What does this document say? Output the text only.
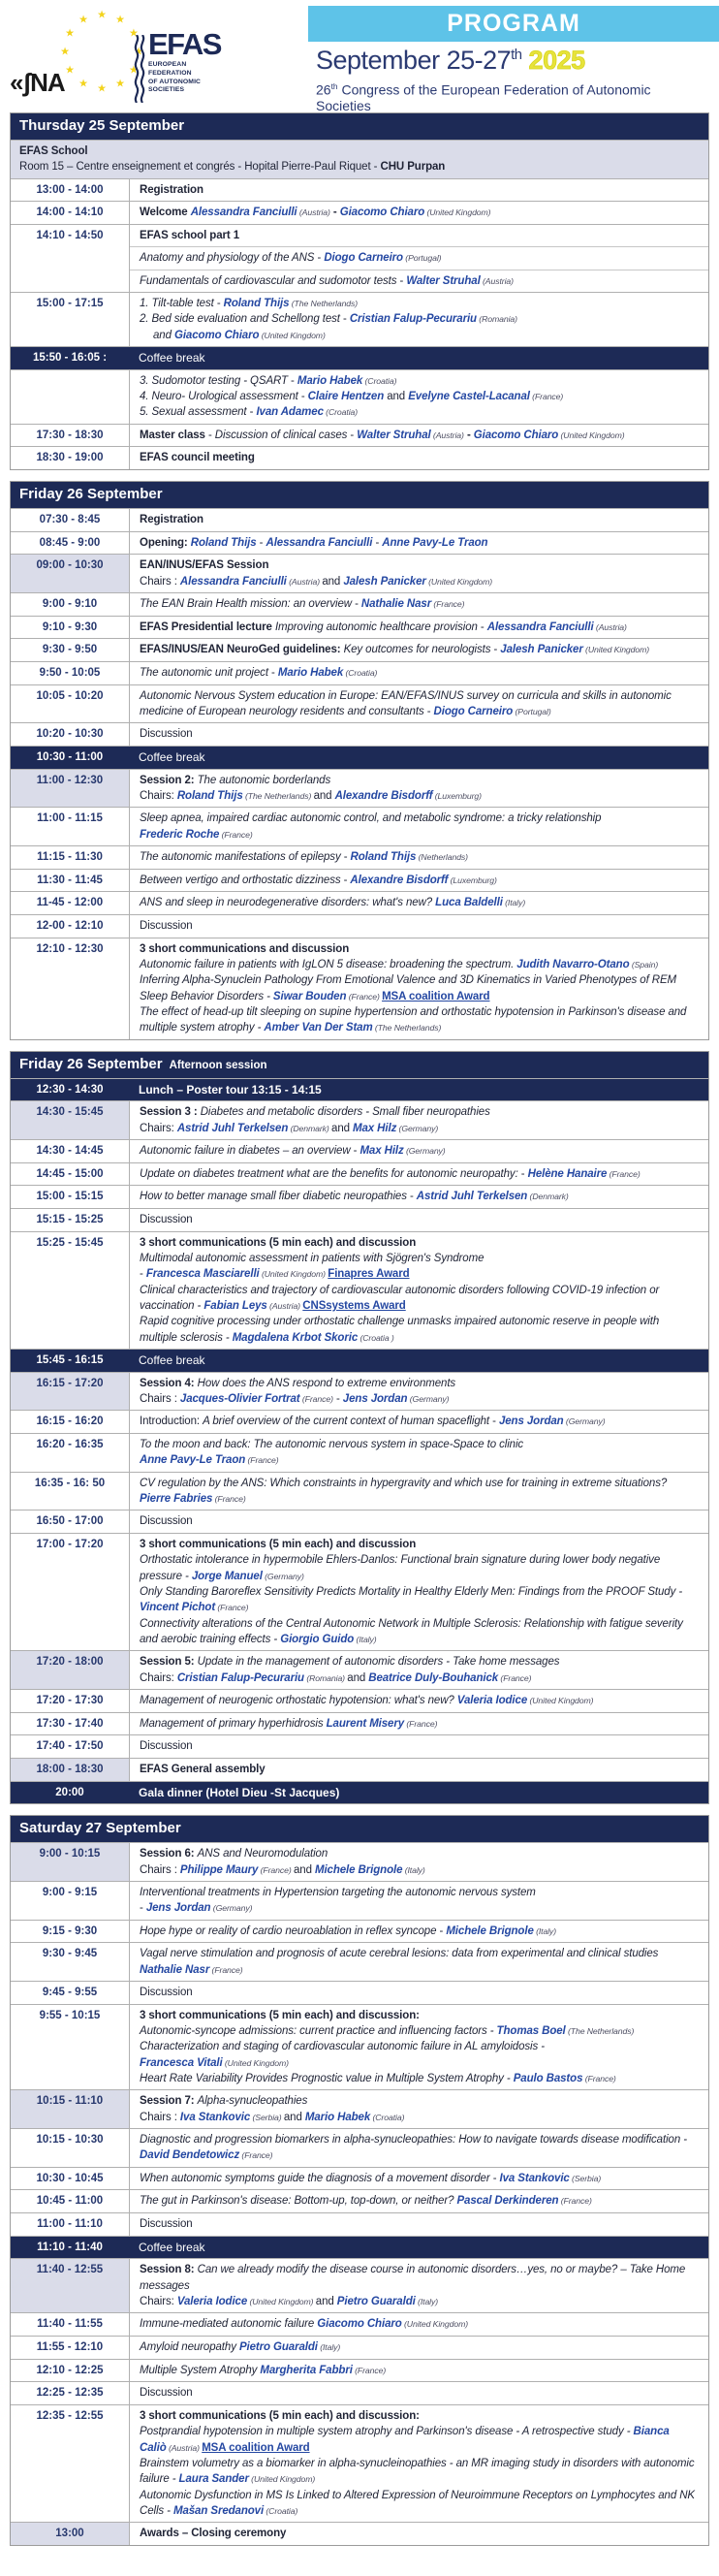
★ ★
★
★
★
★
★
★
★
★
★
★
«ʃNA
EFAS
EUROPEAN
FEDERATION
OF AUTONOMIC
SOCIETIES
PROGRAM
September 25-27th 2025
26th Congress of the European Federation of Autonomic Societies
Thursday 25 September
EFAS School
Room 15 – Centre enseignement et congrés - Hopital Pierre-Paul Riquet - CHU Purpan
13:00 - 14:00	Registration
14:00 - 14:10	Welcome Alessandra Fanciulli (Austria) - Giacomo Chiaro (United Kingdom)
14:10 - 14:50	EFAS school part 1
Anatomy and physiology of the ANS - Diogo Carneiro (Portugal)
Fundamentals of cardiovascular and sudomotor tests - Walter Struhal (Austria)
15:00 - 17:15	1. Tilt-table test - Roland Thijs (The Netherlands)
2. Bed side evaluation and Schellong test - Cristian Falup-Pecurariu (Romania)
and Giacomo Chiaro (United Kingdom)
15:50 - 16:05 :	Coffee break
3. Sudomotor testing - QSART - Mario Habek (Croatia)
4. Neuro- Urological assessment - Claire Hentzen and Evelyne Castel-Lacanal (France)
5. Sexual assessment - Ivan Adamec (Croatia)
17:30 - 18:30	Master class - Discussion of clinical cases - Walter Struhal (Austria) - Giacomo Chiaro (United Kingdom)
18:30 - 19:00	EFAS council meeting
Friday 26 September
07:30 - 8:45	Registration
08:45 - 9:00	Opening: Roland Thijs - Alessandra Fanciulli - Anne Pavy-Le Traon
09:00 - 10:30	EAN/INUS/EFAS Session
Chairs : Alessandra Fanciulli (Austria) and Jalesh Panicker (United Kingdom)
9:00 - 9:10	The EAN Brain Health mission: an overview - Nathalie Nasr (France)
9:10 - 9:30	EFAS Presidential lecture Improving autonomic healthcare provision - Alessandra Fanciulli (Austria)
9:30 - 9:50	EFAS/INUS/EAN NeuroGed guidelines: Key outcomes for neurologists - Jalesh Panicker (United Kingdom)
9:50 - 10:05	The autonomic unit project - Mario Habek (Croatia)
10:05 - 10:20	Autonomic Nervous System education in Europe: EAN/EFAS/INUS survey on curricula and skills in autonomic medicine of European neurology residents and consultants - Diogo Carneiro (Portugal)
10:20 - 10:30	Discussion
10:30 - 11:00	Coffee break
11:00 - 12:30	Session 2: The autonomic borderlands
Chairs: Roland Thijs (The Netherlands) and Alexandre Bisdorff (Luxemburg)
11:00 - 11:15	Sleep apnea, impaired cardiac autonomic control, and metabolic syndrome: a tricky relationship
Frederic Roche (France)
11:15 - 11:30	The autonomic manifestations of epilepsy - Roland Thijs (Netherlands)
11:30 - 11:45	Between vertigo and orthostatic dizziness - Alexandre Bisdorff (Luxemburg)
11-45 - 12:00	ANS and sleep in neurodegenerative disorders: what's new? Luca Baldelli (Italy)
12-00 - 12:10	Discussion
12:10 - 12:30	3 short communications and discussion
Autonomic failure in patients with IgLON 5 disease: broadening the spectrum. Judith Navarro-Otano (Spain)
Inferring Alpha-Synuclein Pathology From Emotional Valence and 3D Kinematics in Varied Phenotypes of REM Sleep Behavior Disorders - Siwar Bouden (France) MSA coalition Award
The effect of head-up tilt sleeping on supine hypertension and orthostatic hypotension in Parkinson's disease and multiple system atrophy - Amber Van Der Stam (The Netherlands)
Friday 26 September Afternoon session
12:30 - 14:30	Lunch – Poster tour 13:15 - 14:15
14:30 - 15:45	Session 3 : Diabetes and metabolic disorders - Small fiber neuropathies
Chairs: Astrid Juhl Terkelsen (Denmark) and Max Hilz (Germany)
14:30 - 14:45	Autonomic failure in diabetes – an overview - Max Hilz (Germany)
14:45 - 15:00	Update on diabetes treatment what are the benefits for autonomic neuropathy: - Helène Hanaire (France)
15:00 - 15:15	How to better manage small fiber diabetic neuropathies - Astrid Juhl Terkelsen (Denmark)
15:15 - 15:25	Discussion
15:25 - 15:45	3 short communications (5 min each) and discussion
Multimodal autonomic assessment in patients with Sjögren's Syndrome
- Francesca Masciarelli (United Kingdom) Finapres Award
Clinical characteristics and trajectory of cardiovascular autonomic disorders following COVID-19 infection or vaccination - Fabian Leys (Austria) CNSsystems Award
Rapid cognitive processing under orthostatic challenge unmasks impaired autonomic reserve in people with multiple sclerosis - Magdalena Krbot Skoric (Croatia )
15:45 - 16:15	Coffee break
16:15 - 17:20	Session 4: How does the ANS respond to extreme environments
Chairs : Jacques-Olivier Fortrat (France) - Jens Jordan (Germany)
16:15 - 16:20	Introduction: A brief overview of the current context of human spaceflight - Jens Jordan (Germany)
16:20 - 16:35	To the moon and back: The autonomic nervous system in space-Space to clinic
Anne Pavy-Le Traon (France)
16:35 - 16: 50	CV regulation by the ANS: Which constraints in hypergravity and which use for training in extreme situations? Pierre Fabries (France)
16:50 - 17:00	Discussion
17:00 - 17:20	3 short communications (5 min each) and discussion
Orthostatic intolerance in hypermobile Ehlers-Danlos: Functional brain signature during lower body negative pressure - Jorge Manuel (Germany)
Only Standing Baroreflex Sensitivity Predicts Mortality in Healthy Elderly Men: Findings from the PROOF Study - Vincent Pichot (France)
Connectivity alterations of the Central Autonomic Network in Multiple Sclerosis: Relationship with fatigue severity and aerobic training effects - Giorgio Guido (Italy)
17:20 - 18:00	Session 5: Update in the management of autonomic disorders - Take home messages
Chairs: Cristian Falup-Pecurariu (Romania) and Beatrice Duly-Bouhanick (France)
17:20 - 17:30	Management of neurogenic orthostatic hypotension: what's new? Valeria Iodice (United Kingdom)
17:30 - 17:40	Management of primary hyperhidrosis Laurent Misery (France)
17:40 - 17:50	Discussion
18:00 - 18:30	EFAS General assembly
20:00	Gala dinner (Hotel Dieu -St Jacques)
Saturday 27 September
9:00 - 10:15	Session 6: ANS and Neuromodulation
Chairs : Philippe Maury (France) and Michele Brignole (Italy)
9:00 - 9:15	Interventional treatments in Hypertension targeting the autonomic nervous system
- Jens Jordan (Germany)
9:15 - 9:30	Hope hype or reality of cardio neuroablation in reflex syncope - Michele Brignole (Italy)
9:30 - 9:45	Vagal nerve stimulation and prognosis of acute cerebral lesions: data from experimental and clinical studies
Nathalie Nasr (France)
9:45 - 9:55	Discussion
9:55 - 10:15	3 short communications (5 min each) and discussion:
Autonomic-syncope admissions: current practice and influencing factors - Thomas Boel (The Netherlands)
Characterization and staging of cardiovascular autonomic failure in AL amyloidosis -
Francesca Vitali (United Kingdom)
Heart Rate Variability Provides Prognostic value in Multiple System Atrophy - Paulo Bastos (France)
10:15 - 11:10	Session 7: Alpha-synucleopathies
Chairs : Iva Stankovic (Serbia) and Mario Habek (Croatia)
10:15 - 10:30	Diagnostic and progression biomarkers in alpha-synucleopathies: How to navigate towards disease modification - David Bendetowicz (France)
10:30 - 10:45	When autonomic symptoms guide the diagnosis of a movement disorder - Iva Stankovic (Serbia)
10:45 - 11:00	The gut in Parkinson's disease: Bottom-up, top-down, or neither? Pascal Derkinderen (France)
11:00 - 11:10	Discussion
11:10 - 11:40	Coffee break
11:40 - 12:55	Session 8: Can we already modify the disease course in autonomic disorders…yes, no or maybe? – Take Home messages
Chairs: Valeria Iodice (United Kingdom) and Pietro Guaraldi (Italy)
11:40 - 11:55	Immune-mediated autonomic failure Giacomo Chiaro (United Kingdom)
11:55 - 12:10	Amyloid neuropathy Pietro Guaraldi (Italy)
12:10 - 12:25	Multiple System Atrophy Margherita Fabbri (France)
12:25 - 12:35	Discussion
12:35 - 12:55	3 short communications (5 min each) and discussion:
Postprandial hypotension in multiple system atrophy and Parkinson's disease - A retrospective study - Bianca Caliò (Austria) MSA coalition Award
Brainstem volumetry as a biomarker in alpha-synucleinopathies - an MR imaging study in disorders with autonomic failure - Laura Sander (United Kingdom)
Autonomic Dysfunction in MS Is Linked to Altered Expression of Neuroimmune Receptors on Lymphocytes and NK Cells - Mašan Sredanovi (Croatia)
13:00	Awards – Closing ceremony
